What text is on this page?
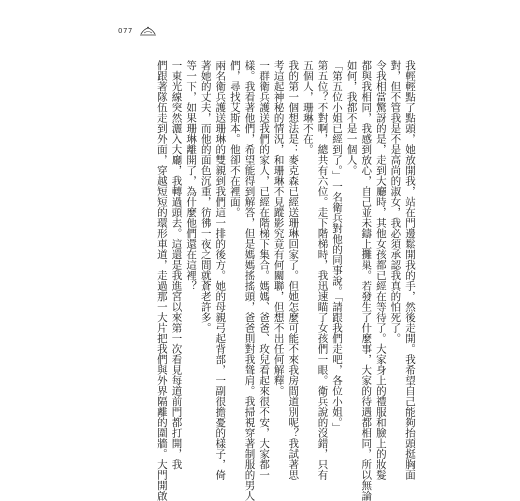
077
我輕輕點了點頭，她放開我，站在門邊鬆開我的手，然後走開。我希望自己能夠抬頭挺胸面
對，但不管我是不是高尚的淑女，我必須承認我真的怕死了。
令我相當驚訝的是，走到大廳時，其他女孩都已經在等待了。大家身上的禮服和臉上的妝髮
都與我相同，我感到放心，自己並未鑄上攤巢。若發生了什麼事，大家的待遇都相同，所以無論
如何，我都不是一個人。
「第五位小姐已經到了。」一名衛兵對他的同事說。「請跟我們走吧，各位小姐。」
第五位？不對啊，總共有六位。走下階梯時，我迅速瞄了女孩們一眼。衛兵說的沒錯，只有
五個人，珊琳不在。
我的第一個想法是：麥克森已經送珊琳回家了。但她怎麼可能不來我房間道別呢？我試著思
考這起神秘的情況，和珊琳不見蹤影究竟有何關聯，但想不出任何解釋。
一群衛兵護送我們的家人，已經在階梯下集合。媽媽、爸爸、玫兒看起來很不安，大家都一
樣。我看著他們，希望能得到解答，但是媽媽搖搖頭，爸爸則對我聳肩。我掃視穿著制服的男人
們，尋找艾斯本。他卻不在裡面。
兩名衛兵護送珊琳的雙親到我們這一排的後方。她的母親弓起背部，一副很擔憂的樣子，倚
著她的丈夫，而他的面色沉重，彷彿一夜之間就蒼老許多。
等一下，如果珊琳離開了，為什麼他們還在這裡？
一東光線突然灑入大廳，我轉過頭去。這還是我進宮以來第一次看見每道前門都打開，我
們跟著隊伍走到外面，穿越短短的環形車道，走過那一大片把我們與外界隔離的圍牆。大門開啟
